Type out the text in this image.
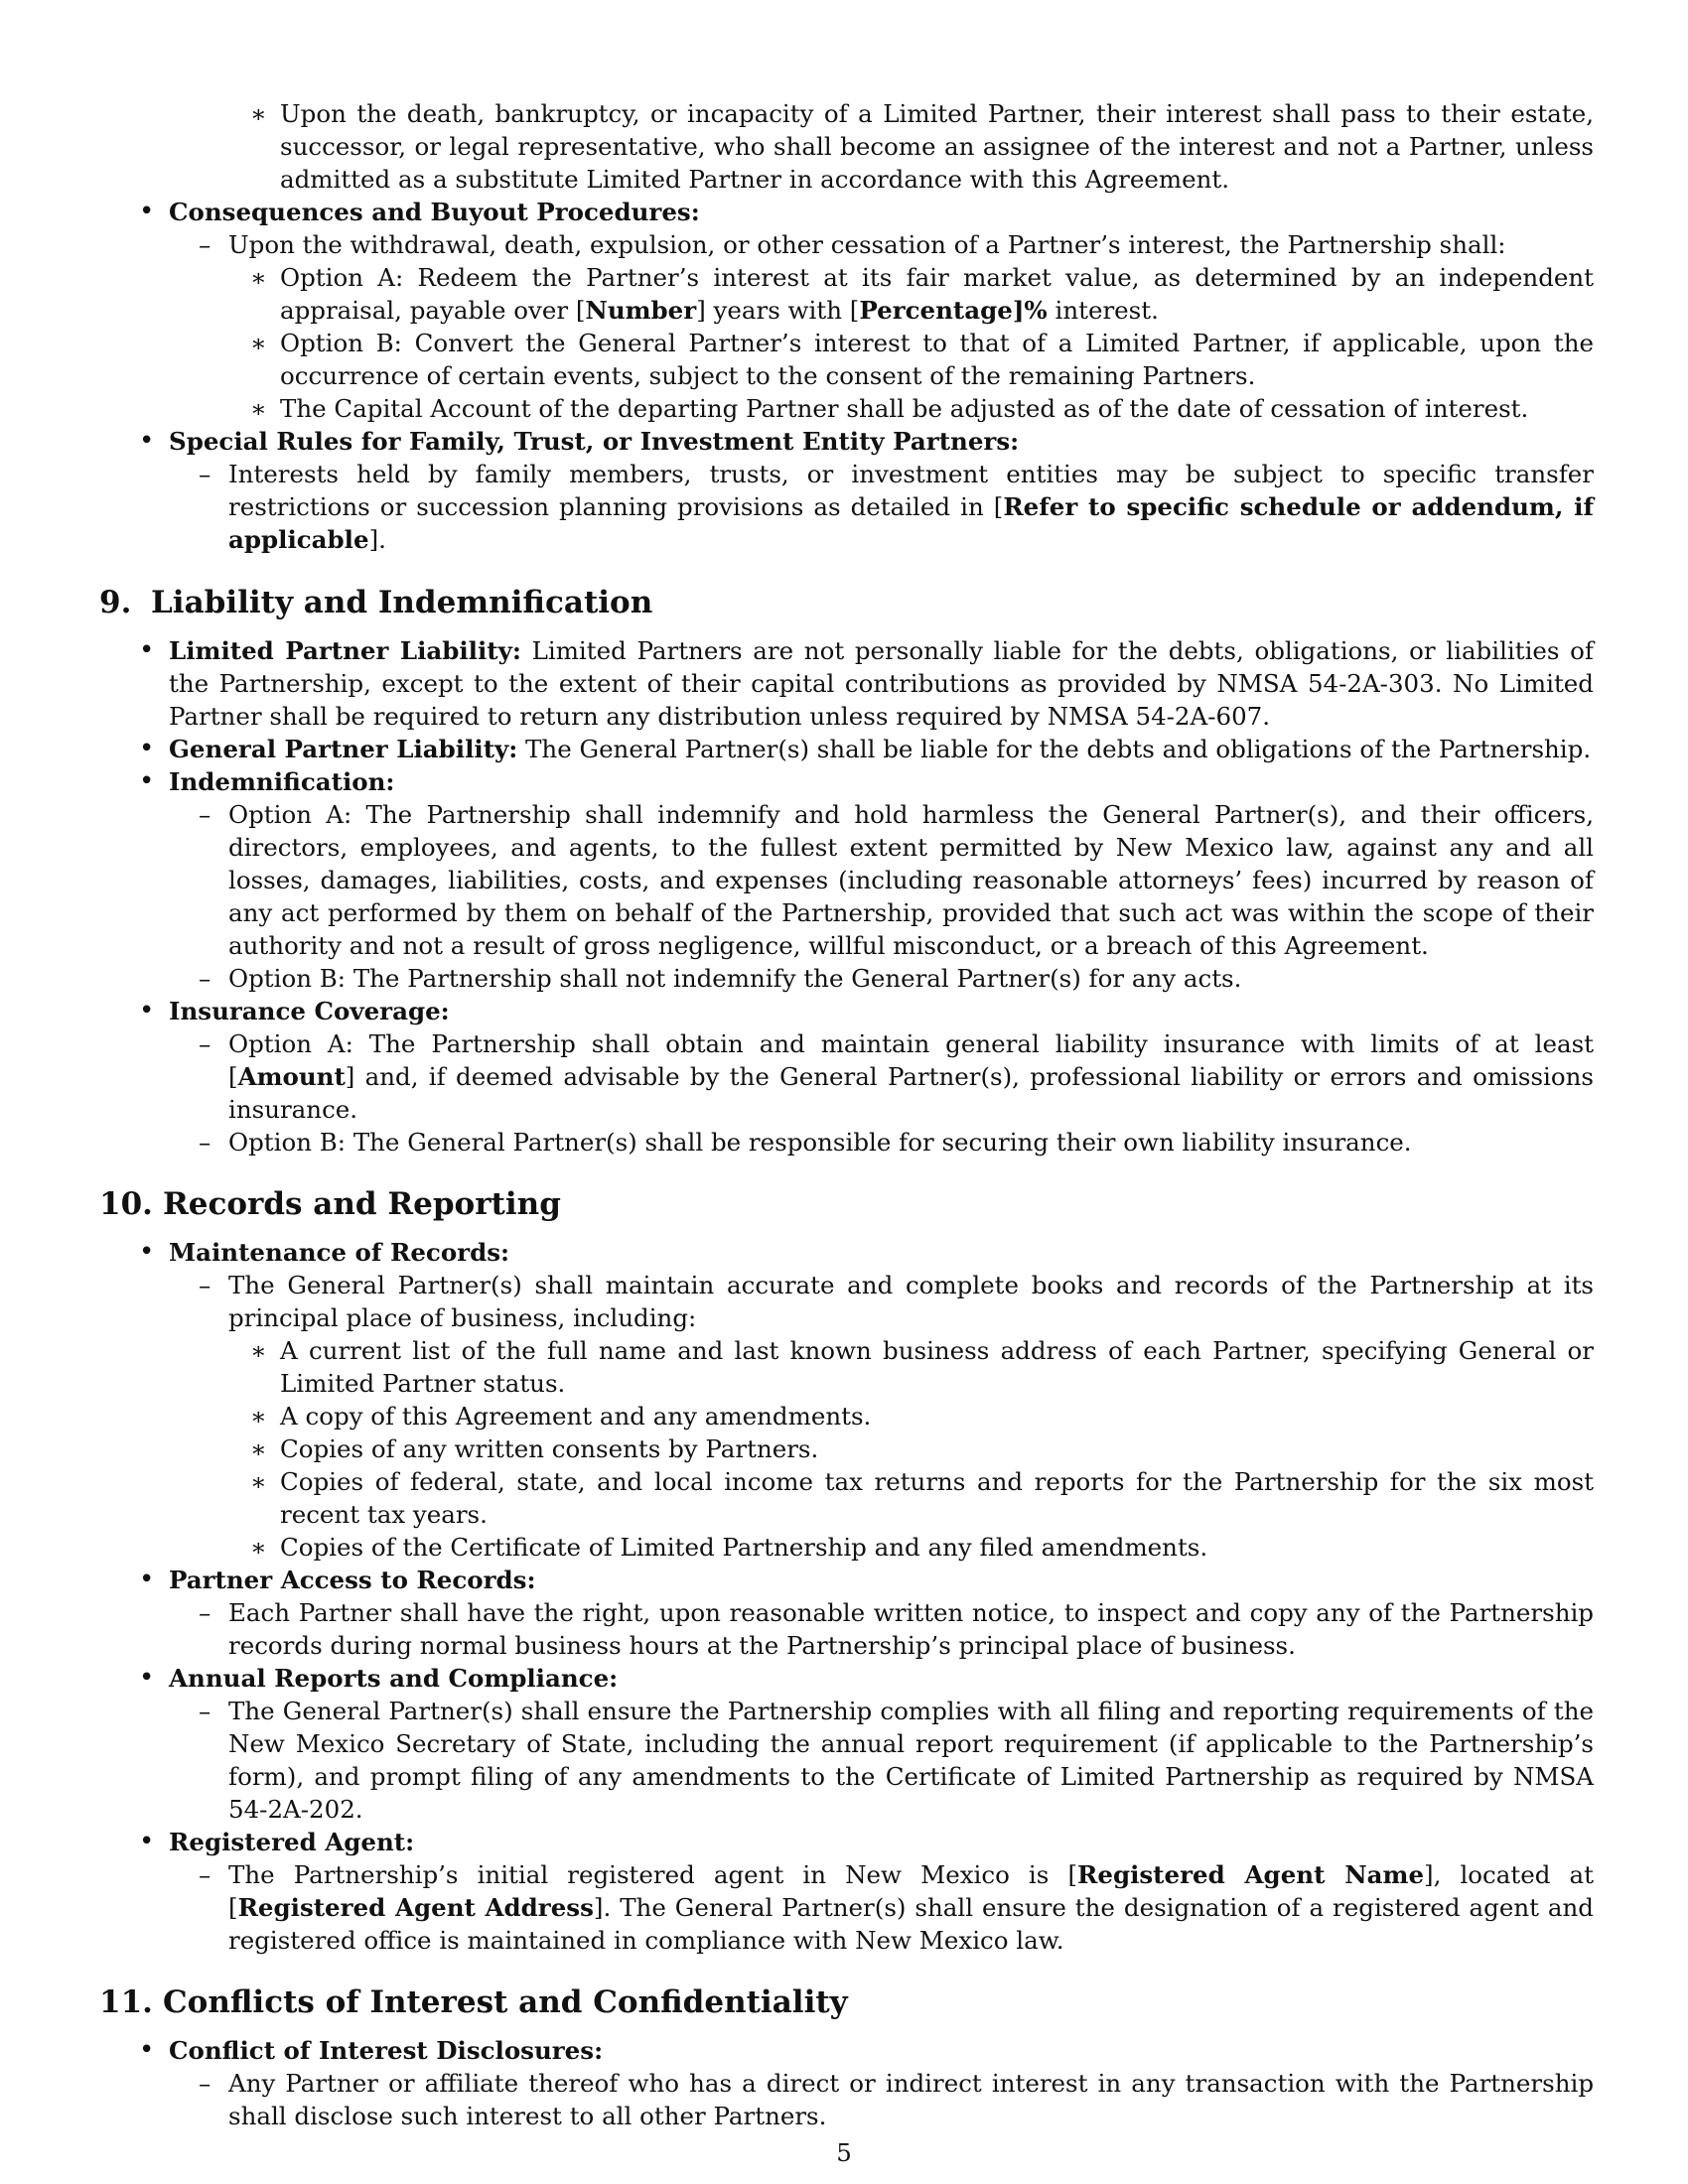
∗ Upon the death, bankruptcy, or incapacity of a Limited Partner, their interest shall pass to their estate, successor, or legal representative, who shall become an assignee of the interest and not a Partner, unless admitted as a substitute Limited Partner in accordance with this Agreement.
• Consequences and Buyout Procedures:
– Upon the withdrawal, death, expulsion, or other cessation of a Partner’s interest, the Partnership shall:
∗ Option A: Redeem the Partner’s interest at its fair market value, as determined by an independent appraisal, payable over [Number] years with [Percentage]% interest.
∗ Option B: Convert the General Partner’s interest to that of a Limited Partner, if applicable, upon the occurrence of certain events, subject to the consent of the remaining Partners.
∗ The Capital Account of the departing Partner shall be adjusted as of the date of cessation of interest.
• Special Rules for Family, Trust, or Investment Entity Partners:
– Interests held by family members, trusts, or investment entities may be subject to specific transfer restrictions or succession planning provisions as detailed in [Refer to specific schedule or addendum, if applicable].
9. Liability and Indemnification
• Limited Partner Liability: Limited Partners are not personally liable for the debts, obligations, or liabilities of the Partnership, except to the extent of their capital contributions as provided by NMSA 54-2A-303. No Limited Partner shall be required to return any distribution unless required by NMSA 54-2A-607.
• General Partner Liability: The General Partner(s) shall be liable for the debts and obligations of the Partnership.
• Indemnification:
– Option A: The Partnership shall indemnify and hold harmless the General Partner(s), and their officers, directors, employees, and agents, to the fullest extent permitted by New Mexico law, against any and all losses, damages, liabilities, costs, and expenses (including reasonable attorneys’ fees) incurred by reason of any act performed by them on behalf of the Partnership, provided that such act was within the scope of their authority and not a result of gross negligence, willful misconduct, or a breach of this Agreement.
– Option B: The Partnership shall not indemnify the General Partner(s) for any acts.
• Insurance Coverage:
– Option A: The Partnership shall obtain and maintain general liability insurance with limits of at least [Amount] and, if deemed advisable by the General Partner(s), professional liability or errors and omissions insurance.
– Option B: The General Partner(s) shall be responsible for securing their own liability insurance.
10. Records and Reporting
• Maintenance of Records:
– The General Partner(s) shall maintain accurate and complete books and records of the Partnership at its principal place of business, including:
∗ A current list of the full name and last known business address of each Partner, specifying General or Limited Partner status.
∗ A copy of this Agreement and any amendments.
∗ Copies of any written consents by Partners.
∗ Copies of federal, state, and local income tax returns and reports for the Partnership for the six most recent tax years.
∗ Copies of the Certificate of Limited Partnership and any filed amendments.
• Partner Access to Records:
– Each Partner shall have the right, upon reasonable written notice, to inspect and copy any of the Partnership records during normal business hours at the Partnership’s principal place of business.
• Annual Reports and Compliance:
– The General Partner(s) shall ensure the Partnership complies with all filing and reporting requirements of the New Mexico Secretary of State, including the annual report requirement (if applicable to the Partnership’s form), and prompt filing of any amendments to the Certificate of Limited Partnership as required by NMSA 54-2A-202.
• Registered Agent:
– The Partnership’s initial registered agent in New Mexico is [Registered Agent Name], located at [Registered Agent Address]. The General Partner(s) shall ensure the designation of a registered agent and registered office is maintained in compliance with New Mexico law.
11. Conflicts of Interest and Confidentiality
• Conflict of Interest Disclosures:
– Any Partner or affiliate thereof who has a direct or indirect interest in any transaction with the Partnership shall disclose such interest to all other Partners.
5
